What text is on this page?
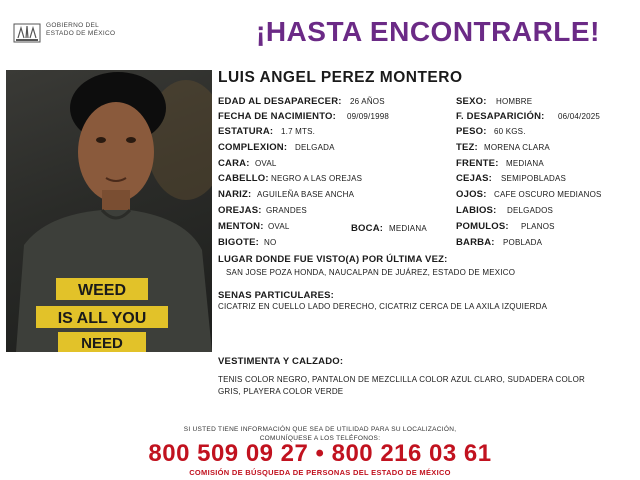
GOBIERNO DEL
ESTADO DE MÉXICO	¡HASTA ENCONTRARLE!
WEED
IS ALL YOU
NEED
LUIS ANGEL PEREZ MONTERO
EDAD AL DESAPARECER: 26 AÑOS
FECHA DE NACIMIENTO: 09/09/1998
ESTATURA: 1.7 MTS.
COMPLEXION: DELGADA
CARA: OVAL
CABELLO: NEGRO A LAS OREJAS
NARIZ: AGUILEÑA BASE ANCHA
OREJAS: GRANDES
MENTON: OVAL	BOCA: MEDIANA
BIGOTE: NO
SEXO: HOMBRE
F. DESAPARICIÓN: 06/04/2025
PESO: 60 KGS.
TEZ: MORENA CLARA
FRENTE: MEDIANA
CEJAS: SEMIPOBLADAS
OJOS: CAFE OSCURO MEDIANOS
LABIOS: DELGADOS
POMULOS: PLANOS
BARBA: POBLADA
LUGAR DONDE FUE VISTO(A) POR ÚLTIMA VEZ:
SAN JOSE POZA HONDA, NAUCALPAN DE JUÁREZ, ESTADO DE MEXICO
SENAS PARTICULARES:
CICATRIZ EN CUELLO LADO DERECHO, CICATRIZ CERCA DE LA AXILA IZQUIERDA
VESTIMENTA Y CALZADO:
TENIS COLOR NEGRO, PANTALON DE MEZCLILLA COLOR AZUL CLARO, SUDADERA COLOR GRIS, PLAYERA COLOR VERDE
SI USTED TIENE INFORMACIÓN QUE SEA DE UTILIDAD PARA SU LOCALIZACIÓN,
COMUNÍQUESE A LOS TELÉFONOS:
800 509 09 27 • 800 216 03 61
COMISIÓN DE BÚSQUEDA DE PERSONAS DEL ESTADO DE MÉXICO
